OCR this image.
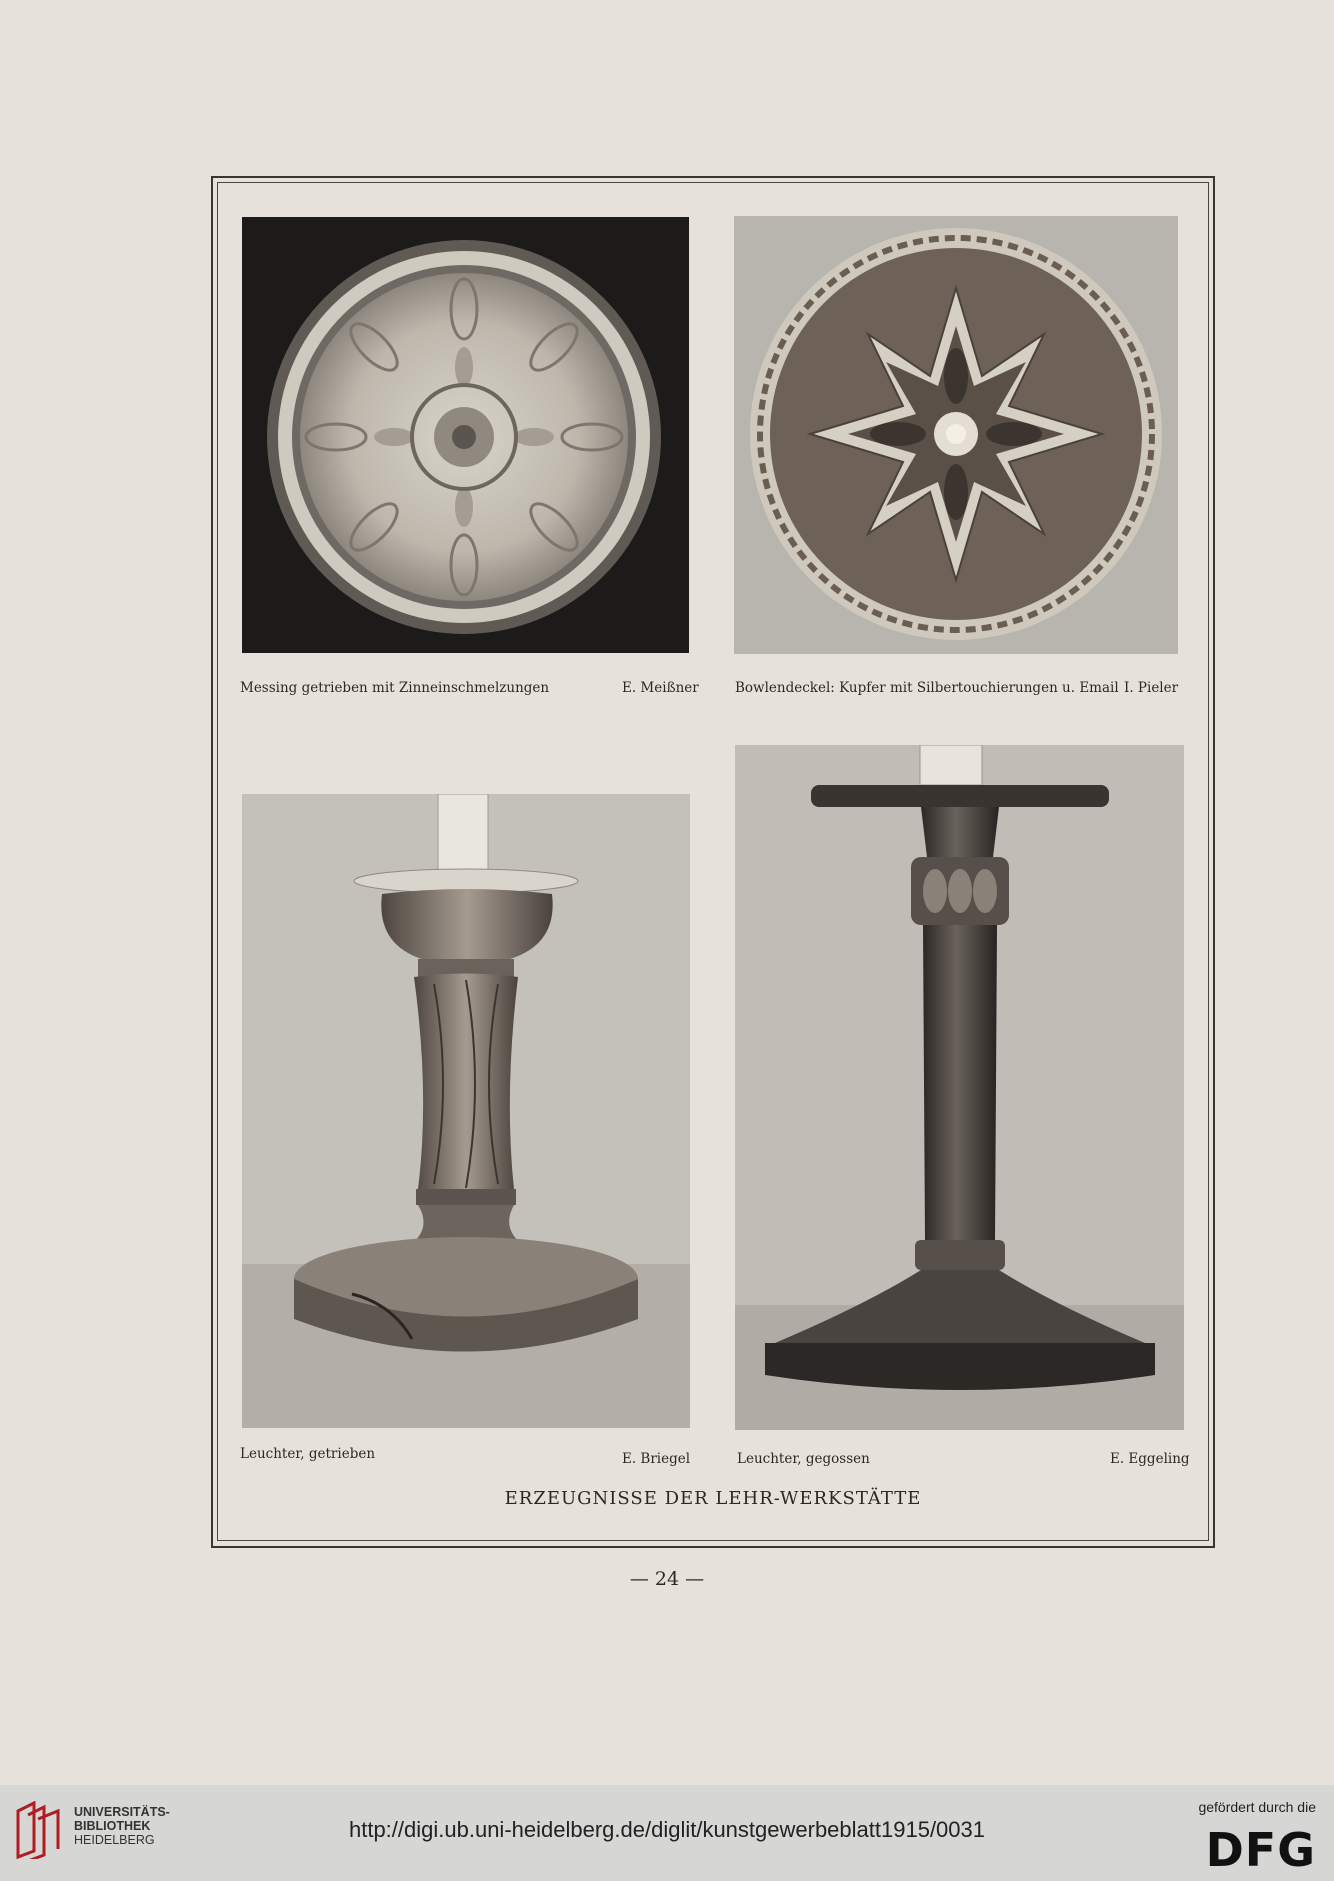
Messing getrieben mit Zinneinschmelzungen	E. Meißner	Bowlendeckel: Kupfer mit Silbertouchierungen u. Email I. Pieler
Leuchter, getrieben	E. Briegel	Leuchter, gegossen	E. Eggeling
ERZEUGNISSE DER LEHR-WERKSTÄTTE
— 24 —
UNIVERSITÄTS-
BIBLIOTHEK
HEIDELBERG	http://digi.ub.uni-heidelberg.de/diglit/kunstgewerbeblatt1915/0031
gefördert durch die
DFG
